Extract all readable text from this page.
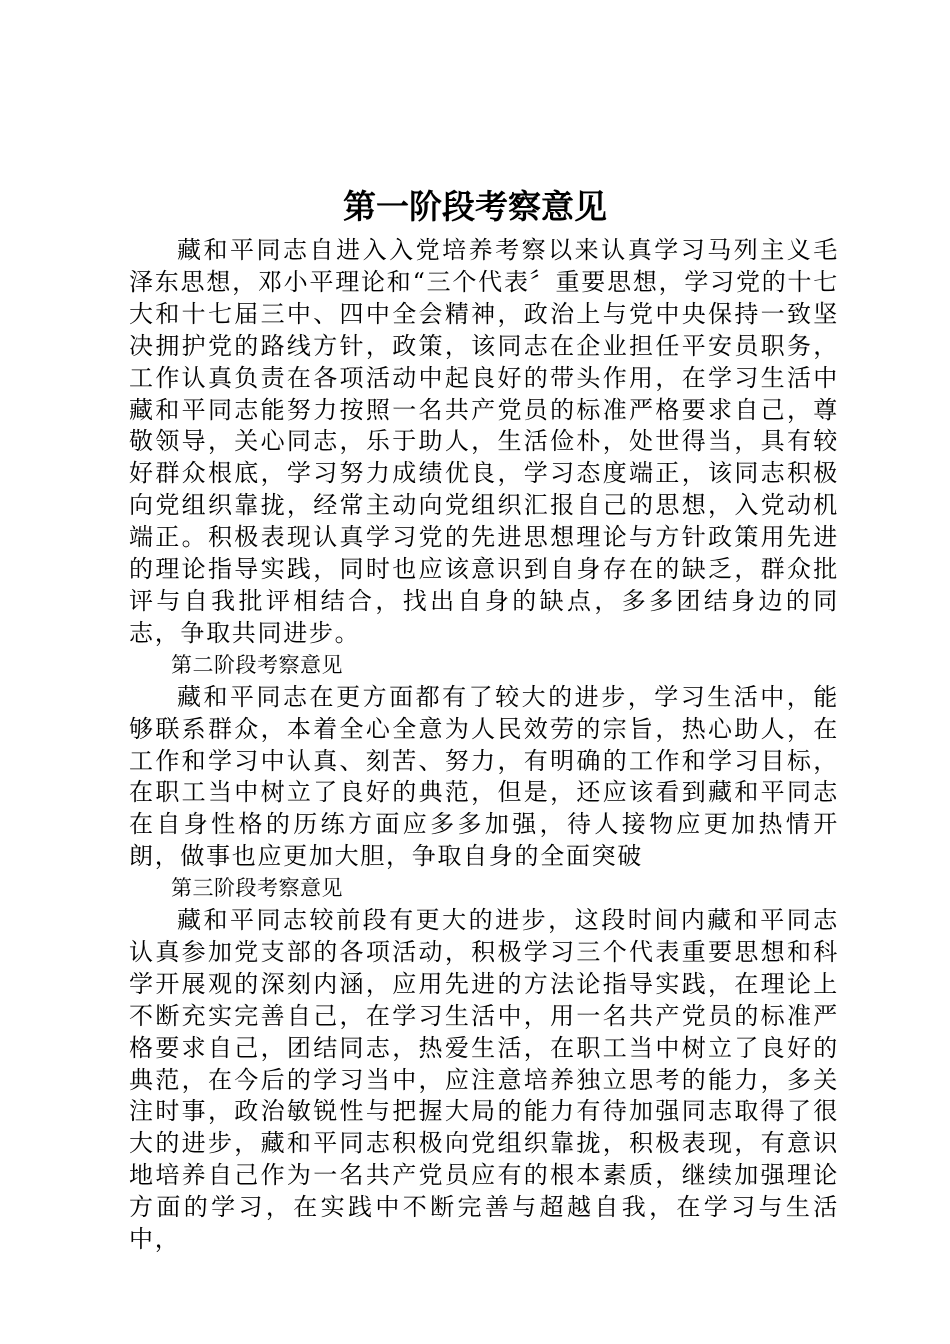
第一阶段考察意见

藏和平同志自进入入党培养考察以来认真学习马列主义毛泽东思想，邓小平理论和“三个代表〞重要思想，学习党的十七大和十七届三中、四中全会精神，政治上与党中央保持一致坚决拥护党的路线方针，政策，该同志在企业担任平安员职务，工作认真负责在各项活动中起良好的带头作用，在学习生活中藏和平同志能努力按照一名共产党员的标准严格要求自己，尊敬领导，关心同志，乐于助人，生活俭朴，处世得当，具有较好群众根底，学习努力成绩优良，学习态度端正，该同志积极向党组织靠拢，经常主动向党组织汇报自己的思想，入党动机端正。积极表现认真学习党的先进思想理论与方针政策用先进的理论指导实践，同时也应该意识到自身存在的缺乏，群众批评与自我批评相结合，找出自身的缺点，多多团结身边的同志，争取共同进步。

第二阶段考察意见

藏和平同志在更方面都有了较大的进步，学习生活中，能够联系群众，本着全心全意为人民效劳的宗旨，热心助人，在工作和学习中认真、刻苦、努力，有明确的工作和学习目标，在职工当中树立了良好的典范，但是，还应该看到藏和平同志在自身性格的历练方面应多多加强，待人接物应更加热情开朗，做事也应更加大胆，争取自身的全面突破

第三阶段考察意见

藏和平同志较前段有更大的进步，这段时间内藏和平同志认真参加党支部的各项活动，积极学习三个代表重要思想和科学开展观的深刻内涵，应用先进的方法论指导实践，在理论上不断充实完善自己，在学习生活中，用一名共产党员的标准严格要求自己，团结同志，热爱生活，在职工当中树立了良好的典范，在今后的学习当中，应注意培养独立思考的能力，多关注时事，政治敏锐性与把握大局的能力有待加强同志取得了很大的进步，藏和平同志积极向党组织靠拢，积极表现，有意识地培养自己作为一名共产党员应有的根本素质，继续加强理论方面的学习，在实践中不断完善与超越自我，在学习与生活中，
